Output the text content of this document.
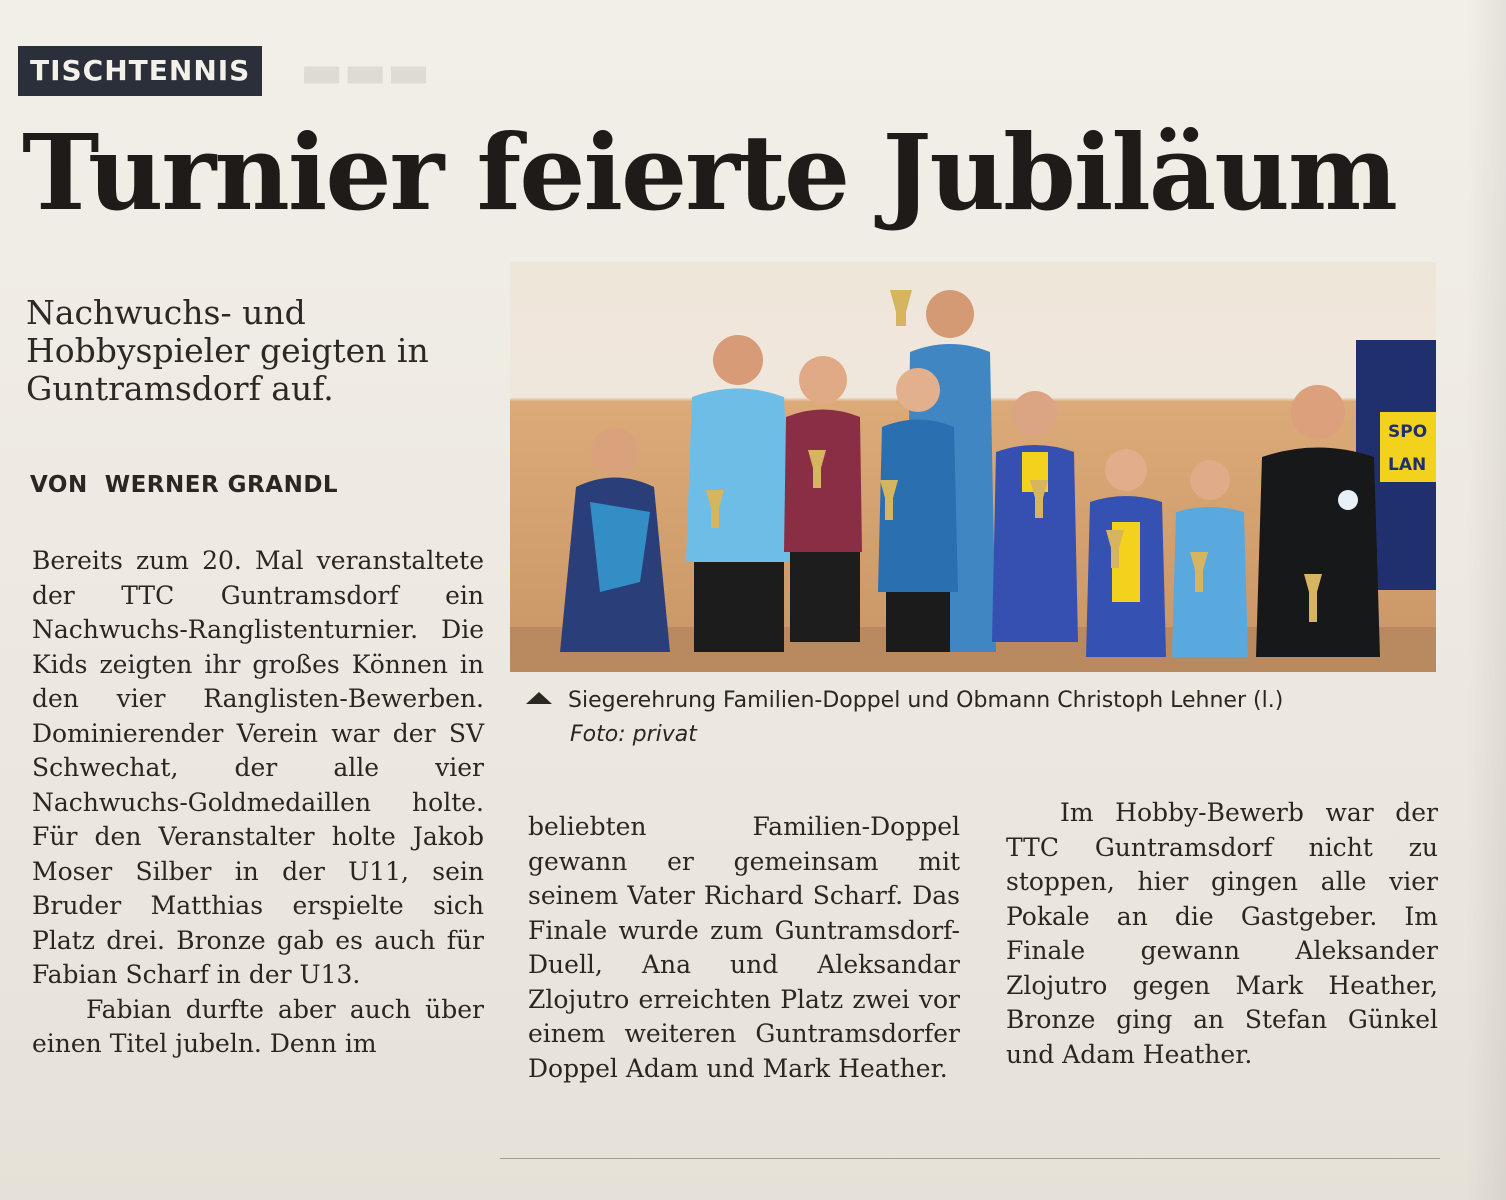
▬▬▬
TISCHTENNIS
Turnier feierte Jubiläum
Nachwuchs- und Hobbyspieler geigten in Guntramsdorf auf.
VON  WERNER GRANDL

Bereits zum 20. Mal veranstaltete der TTC Guntramsdorf ein Nachwuchs-Ranglistenturnier. Die Kids zeigten ihr großes Können in den vier Ranglisten-Bewerben. Dominierender Verein war der SV Schwechat, der alle vier Nachwuchs-Goldmedaillen holte. Für den Veranstalter holte Jakob Moser Silber in der U11, sein Bruder Matthias erspielte sich Platz drei. Bronze gab es auch für Fabian Scharf in der U13.

Fabian durfte aber auch über einen Titel jubeln. Denn im

SPO
LAN
Siegerehrung Familien-Doppel und Obmann Christoph Lehner (l.)
Foto: privat

beliebten Familien-Doppel gewann er gemeinsam mit seinem Vater Richard Scharf. Das Finale wurde zum Guntramsdorf-Duell, Ana und Aleksandar Zlojutro erreichten Platz zwei vor einem weiteren Guntramsdorfer Doppel Adam und Mark Heather.

Im Hobby-Bewerb war der TTC Guntramsdorf nicht zu stoppen, hier gingen alle vier Pokale an die Gastgeber. Im Finale gewann Aleksander Zlojutro gegen Mark Heather, Bronze ging an Stefan Günkel und Adam Heather.
